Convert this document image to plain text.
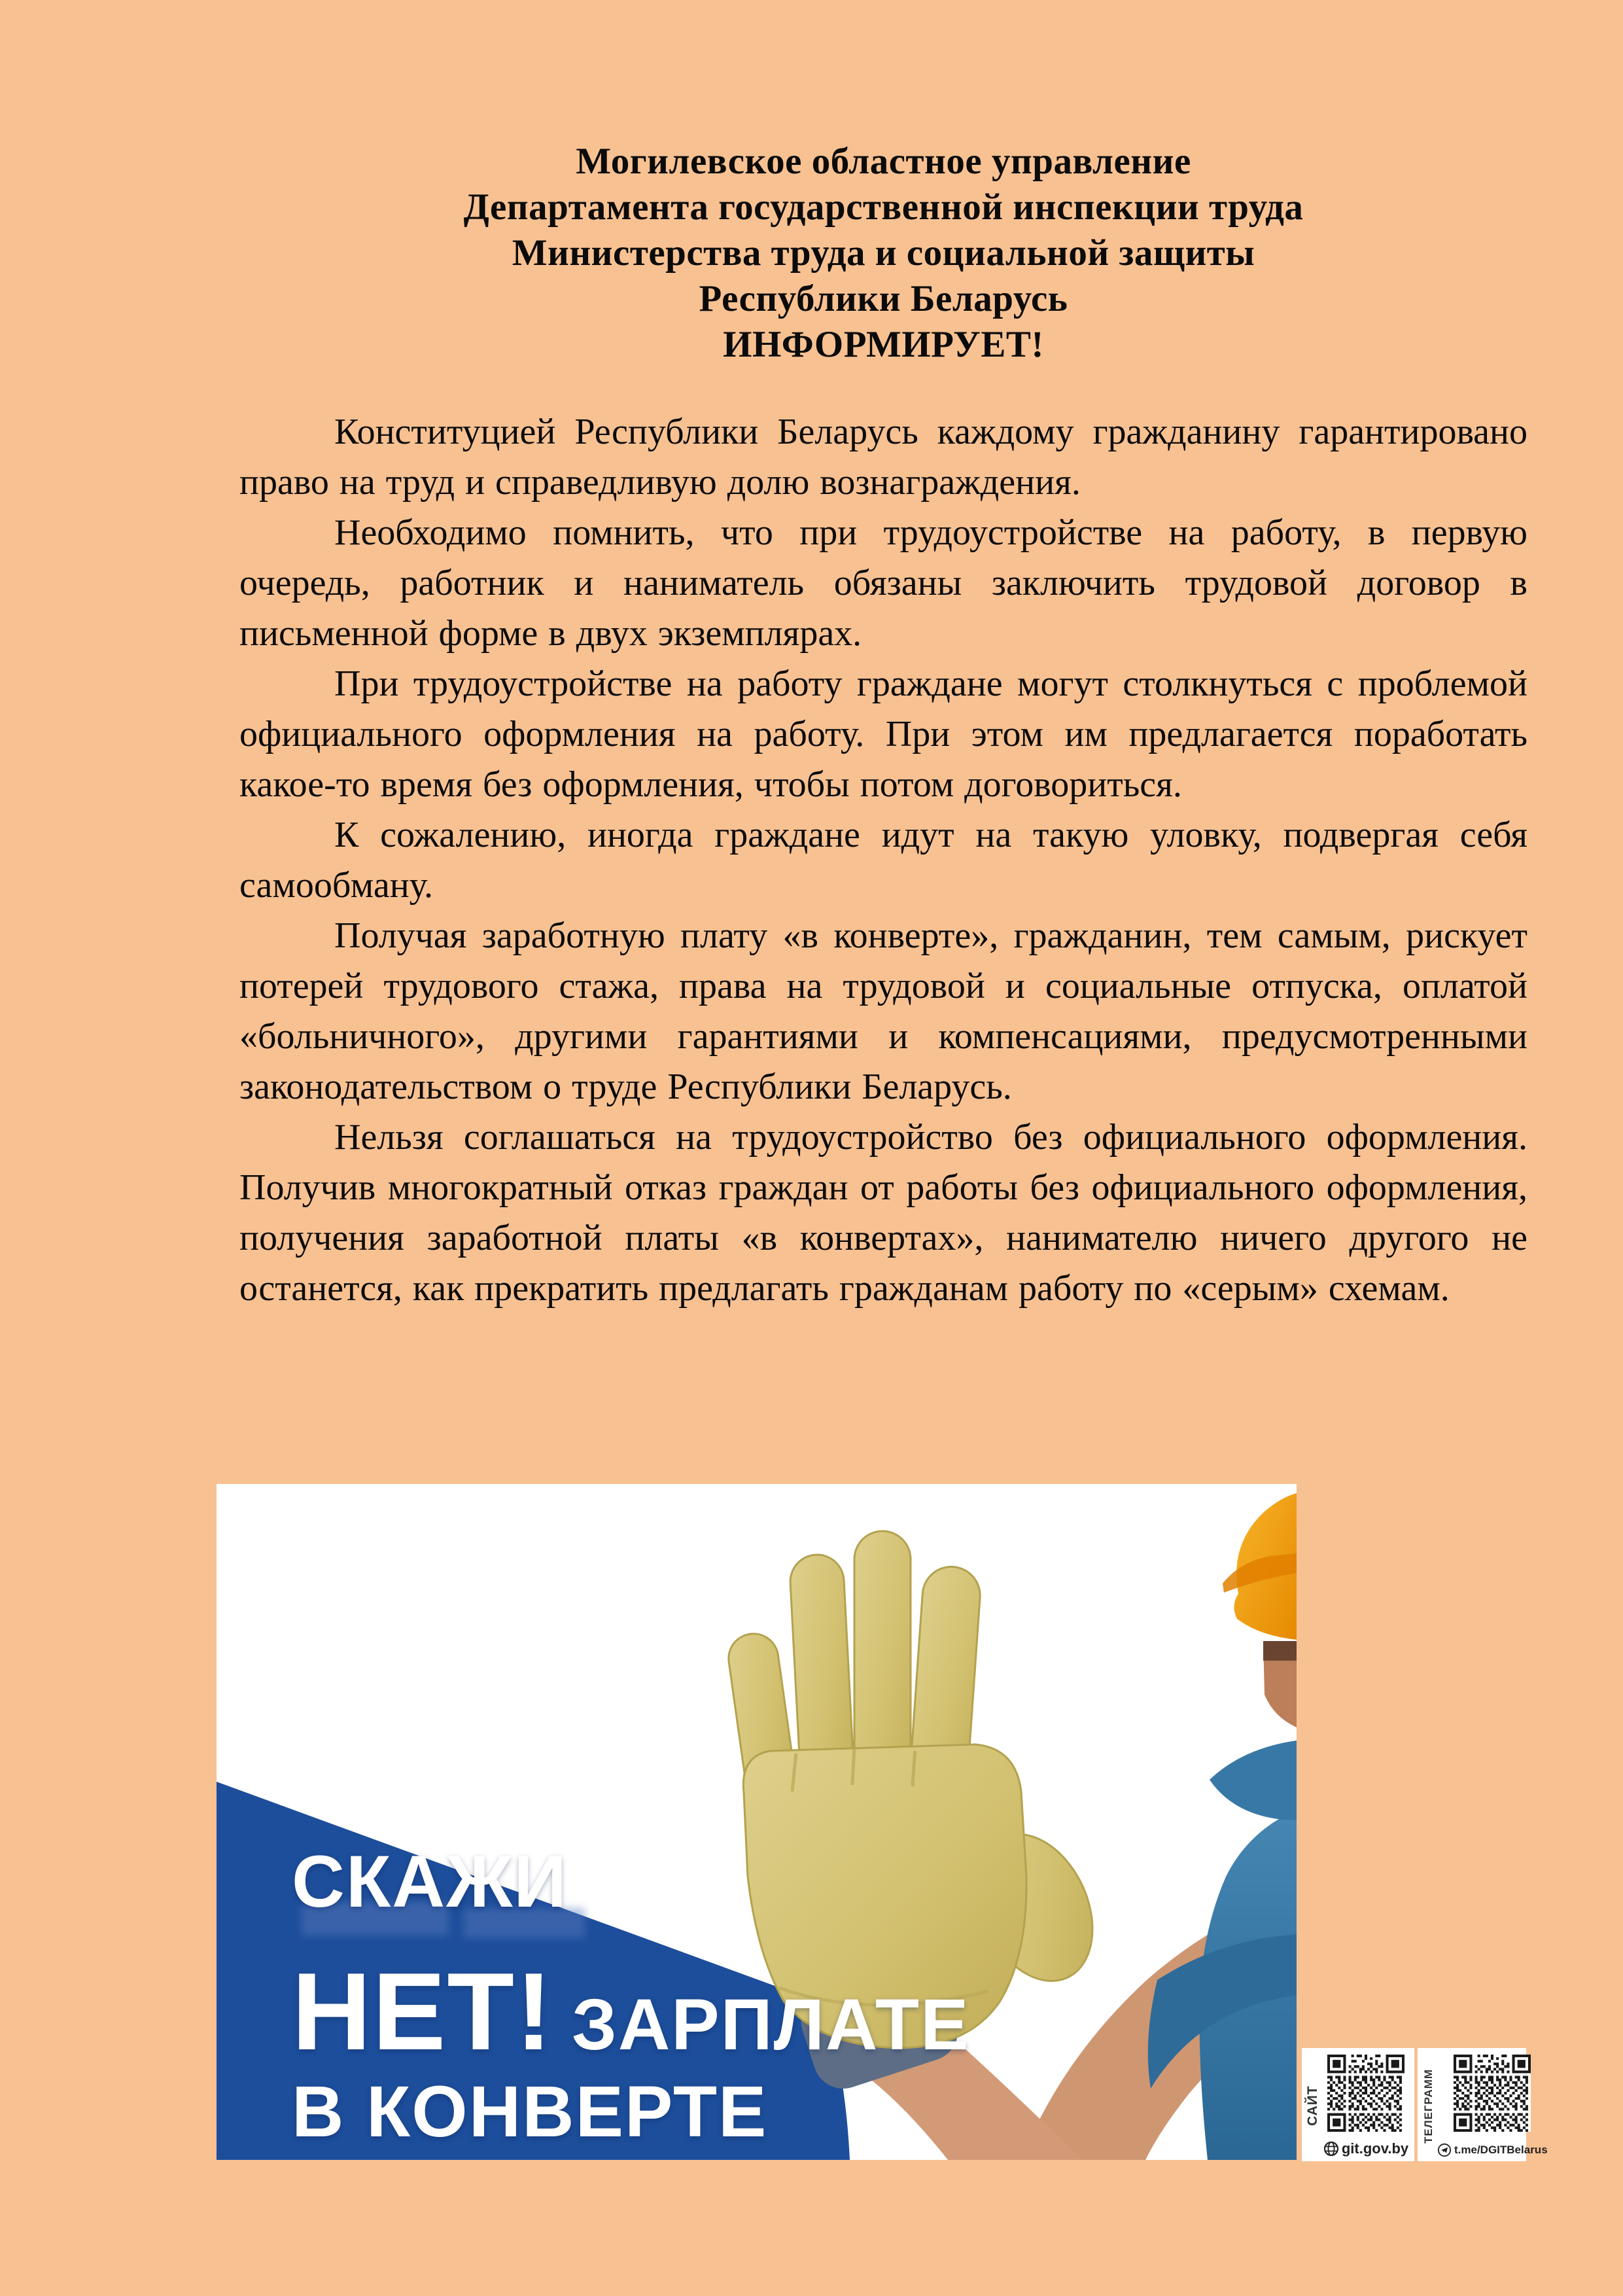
Могилевское областное управление
Департамента государственной инспекции труда
Министерства труда и социальной защиты
Республики Беларусь
ИНФОРМИРУЕТ!

Конституцией Республики Беларусь каждому гражданину гарантировано право на труд и справедливую долю вознаграждения.

Необходимо помнить, что при трудоустройстве на работу, в первую очередь, работник и наниматель обязаны заключить трудовой договор в письменной форме в двух экземплярах.

При трудоустройстве на работу граждане могут столкнуться с проблемой официального оформления на работу. При этом им предлагается поработать какое-то время без оформления, чтобы потом договориться.

К сожалению, иногда граждане идут на такую уловку, подвергая себя самообману.

Получая заработную плату «в конверте», гражданин, тем самым, рискует потерей трудового стажа, права на трудовой и социальные отпуска, оплатой «больничного», другими гарантиями и компенсациями, предусмотренными законодательством о труде Республики Беларусь.

Нельзя соглашаться на трудоустройство без официального оформления. Получив многократный отказ граждан от работы без официального оформления, получения заработной платы «в конвертах», нанимателю ничего другого не останется, как прекратить предлагать гражданам работу по «серым» схемам.

СКАЖИ
НЕТ! ЗАРПЛАТЕ
В КОНВЕРТЕ	САЙТ
git.gov.by
ТЕЛЕГРАММ
t.me/DGITBelarus
